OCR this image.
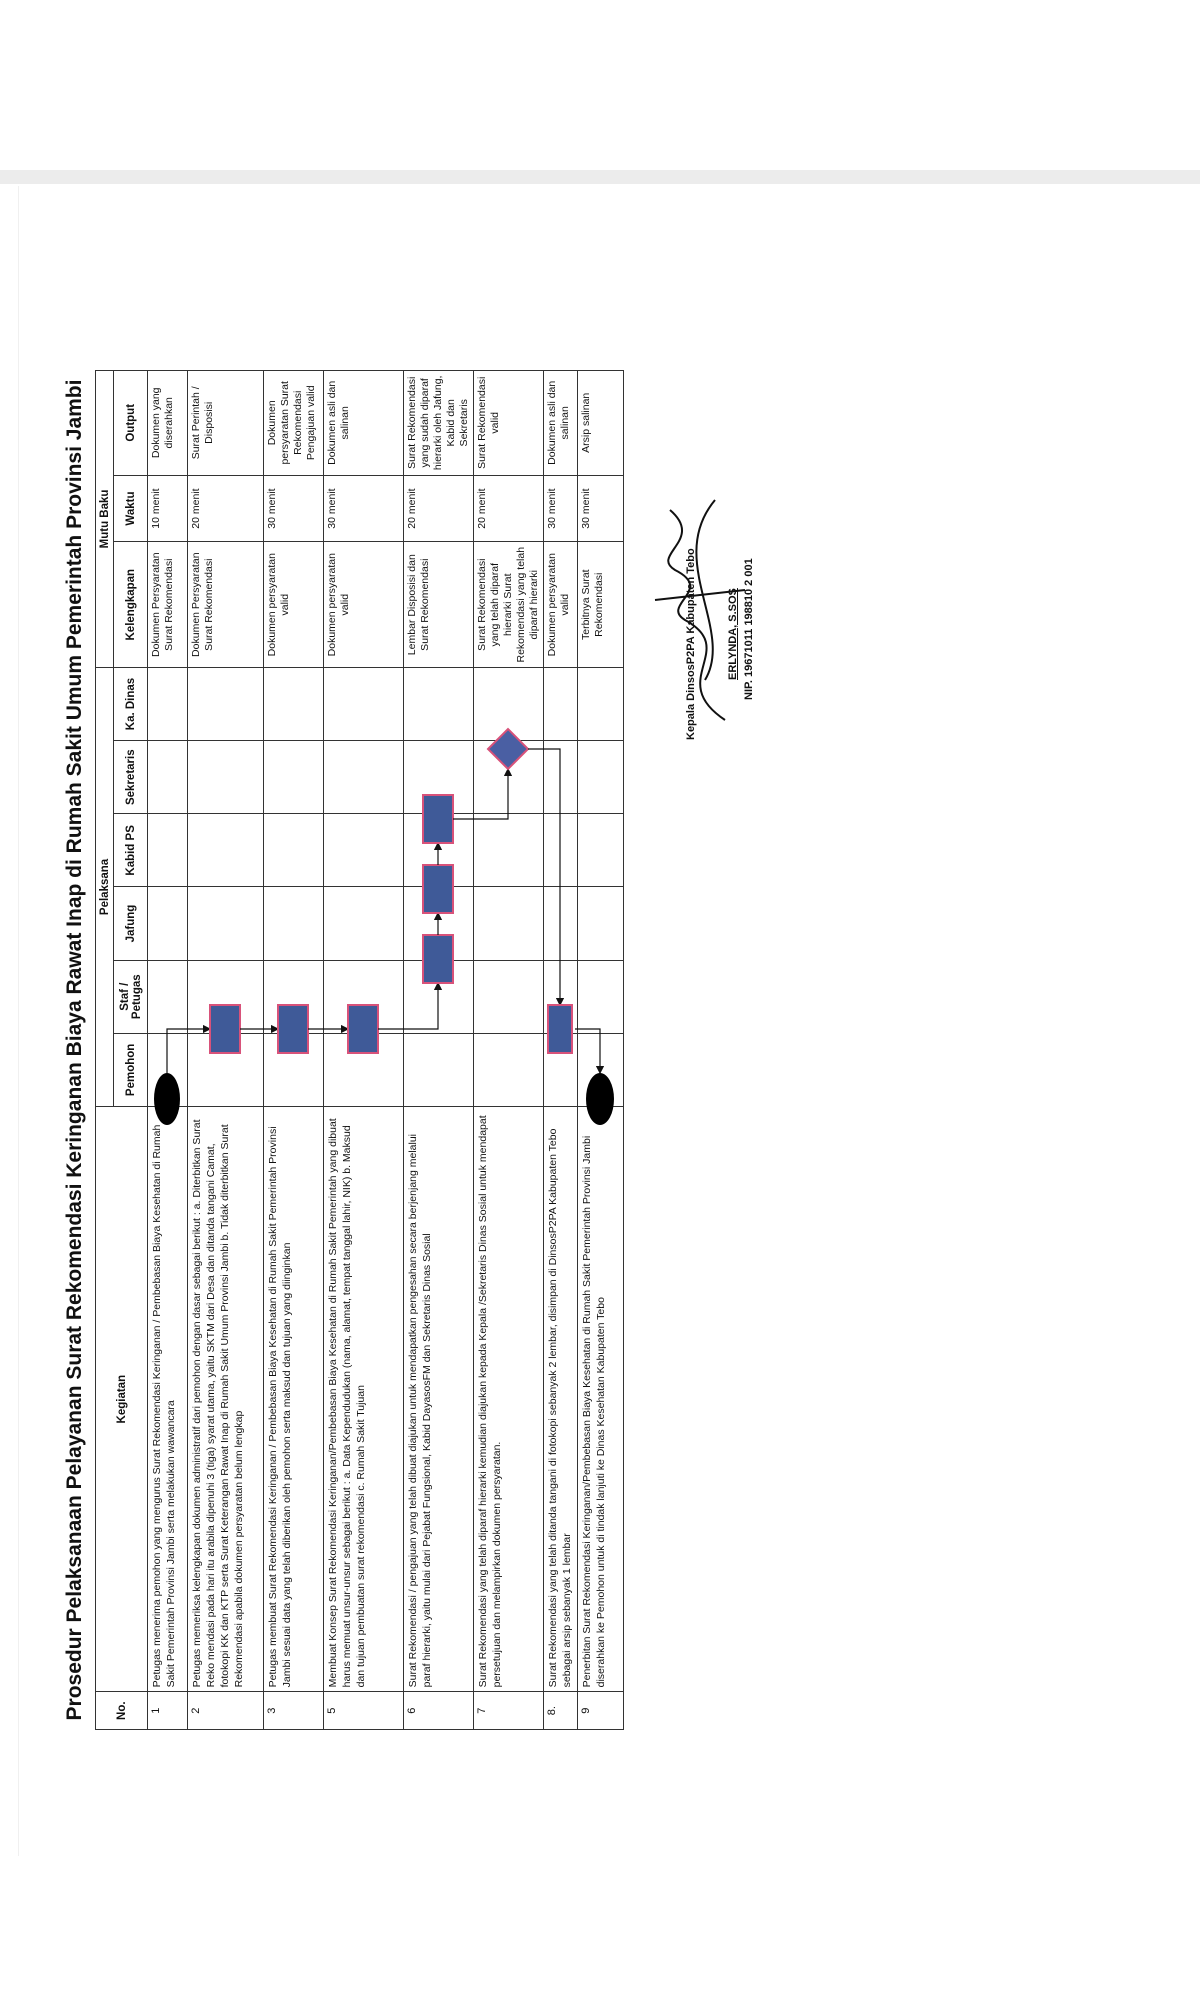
Prosedur Pelaksanaan Pelayanan Surat Rekomendasi Keringanan Biaya Rawat Inap di Rumah Sakit Umum Pemerintah Provinsi Jambi	No.	Kegiatan	Pelaksana						Mutu Baku		
		Pemohon	Staf / Petugas	Jafung	Kabid PS	Sekretaris	Ka. Dinas	Kelengkapan	Waktu	Output
1	Petugas menerima pemohon yang mengurus Surat Rekomendasi Keringanan / Pembebasan Biaya Kesehatan di Rumah Sakit Pemerintah Provinsi Jambi serta melakukan wawancara							Dokumen Persyaratan Surat Rekomendasi	10 menit	Dokumen yang diserahkan
2	Petugas memeriksa kelengkapan dokumen administratif dari pemohon dengan dasar sebagai berikut : a. Diterbitkan Surat Reko mendasi pada hari itu arabila dipenuhi 3 (tiga) syarat utama, yaitu SKTM dari Desa dan ditanda tangani Camat, fotokopi KK dan KTP serta Surat Keterangan Rawat Inap di Rumah Sakit Umum Provinsi Jambi b. Tidak diterbitkan Surat Rekomendasi apabila dokumen persyaratan belum lengkap							Dokumen Persyaratan Surat Rekomendasi	20 menit	Surat Perintah / Disposisi
3	Petugas membuat Surat Rekomendasi Keringanan / Pembebasan Biaya Kesehatan di Rumah Sakit Pemerintah Provinsi Jambi sesuai data yang telah diberikan oleh pemohon serta maksud dan tujuan yang diinginkan							Dokumen persyaratan valid	30 menit	Dokumen persyaratan Surat Rekomendasi Pengajuan valid
5	Membuat Konsep Surat Rekomendasi Keringanan/Pembebasan Biaya Kesehatan di Rumah Sakit Pemerintah yang dibuat harus memuat unsur-unsur sebagai berikut : a. Data Kependudukan (nama, alamat, tempat tanggal lahir, NIK) b. Maksud dan tujuan pembuatan surat rekomendasi c. Rumah Sakit Tujuan							Dokumen persyaratan valid	30 menit	Dokumen asli dan salinan
6	Surat Rekomendasi / pengajuan yang telah dibuat diajukan untuk mendapatkan pengesahan secara berjenjang melalui paraf hierarki, yaitu mulai dari Pejabat Fungsional, Kabid DayasosFM dan Sekretaris Dinas Sosial							Lembar Disposisi dan Surat Rekomendasi	20 menit	Surat Rekomendasi yang sudah diparaf hierarki oleh Jafung, Kabid dan Sekretaris
7	Surat Rekomendasi yang telah diparaf hierarki kemudian diajukan kepada Kepala /Sekretaris Dinas Sosial untuk mendapat persetujuan dan melampirkan dokumen persyaratan.							Surat Rekomendasi yang telah diparaf hierarki Surat Rekomendasi yang telah diparaf hierarki	20 menit	Surat Rekomendasi valid
8.	Surat Rekomendasi yang telah ditanda tangani di fotokopi sebanyak 2 lembar, disimpan di DinsosP2PA Kabupaten Tebo sebagai arsip sebanyak 1 lembar							Dokumen persyaratan valid	30 menit	Dokumen asli dan salinan
9	Penerbitan Surat Rekomendasi Keringanan/Pembebasan Biaya Kesehatan di Rumah Sakit Pemerintah Provinsi Jambi diserahkan ke Pemohon untuk di tindak lanjuti ke Dinas Kesehatan Kabupaten Tebo							Terbitnya Surat Rekomendasi	30 menit	Arsip salinan
Kepala DinsosP2PA Kabupaten Tebo	ERLYNDA, S.SOS NIP. 19671011 198810 2 001
